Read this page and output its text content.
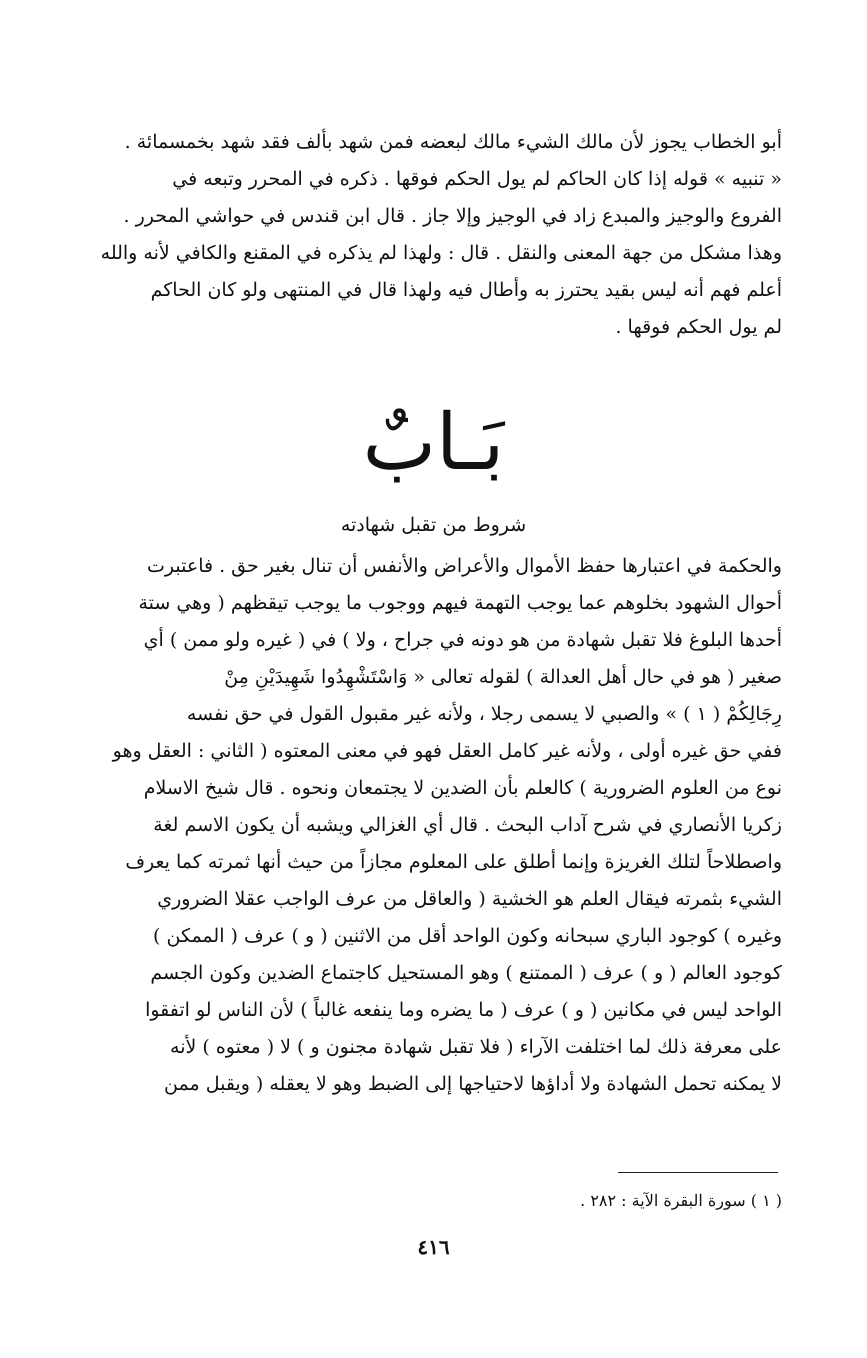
أبو الخطاب يجوز لأن مالك الشيء مالك لبعضه فمن شهد بألف فقد شهد بخمسمائة .
« تنبيه » قوله إذا كان الحاكم لم يول الحكم فوقها . ذكره في المحرر وتبعه في
الفروع والوجيز والمبدع زاد في الوجيز وإلا جاز . قال ابن قندس في حواشي المحرر .
وهذا مشكل من جهة المعنى والنقل . قال : ولهذا لم يذكره في المقنع والكافي لأنه والله
أعلم فهم أنه ليس بقيد يحترز به وأطال فيه ولهذا قال في المنتهى ولو كان الحاكم
لم يول الحكم فوقها .
بَـابٌ
شروط من تقبل شهادته
والحكمة في اعتبارها حفظ الأموال والأعراض والأنفس أن تنال بغير حق . فاعتبرت
أحوال الشهود بخلوهم عما يوجب التهمة فيهم ووجوب ما يوجب تيقظهم ( وهي ستة
أحدها البلوغ فلا تقبل شهادة من هو دونه في جراح ، ولا ) في ( غيره ولو ممن ) أي
صغير ( هو في حال أهل العدالة ) لقوله تعالى « وَاسْتَشْهِدُوا شَهِيدَيْنِ مِنْ
رِجَالِكُمْ ( ١ ) » والصبي لا يسمى رجلا ، ولأنه غير مقبول القول في حق نفسه
ففي حق غيره أولى ، ولأنه غير كامل العقل فهو في معنى المعتوه ( الثاني : العقل وهو
نوع من العلوم الضرورية ) كالعلم بأن الضدين لا يجتمعان ونحوه . قال شيخ الاسلام
زكريا الأنصاري في شرح آداب البحث . قال أي الغزالي ويشبه أن يكون الاسم لغة
واصطلاحاً لتلك الغريزة وإنما أطلق على المعلوم مجازاً من حيث أنها ثمرته كما يعرف
الشيء بثمرته فيقال العلم هو الخشية ( والعاقل من عرف الواجب عقلا الضروري
وغيره ) كوجود الباري سبحانه وكون الواحد أقل من الاثنين ( و ) عرف ( الممكن )
كوجود العالم ( و ) عرف ( الممتنع ) وهو المستحيل كاجتماع الضدين وكون الجسم
الواحد ليس في مكانين ( و ) عرف ( ما يضره وما ينفعه غالباً ) لأن الناس لو اتفقوا
على معرفة ذلك لما اختلفت الآراء ( فلا تقبل شهادة مجنون و ) لا ( معتوه ) لأنه
لا يمكنه تحمل الشهادة ولا أداؤها لاحتياجها إلى الضبط وهو لا يعقله ( ويقبل ممن
( ١ ) سورة البقرة الآية : ٢٨٢ .
٤١٦
